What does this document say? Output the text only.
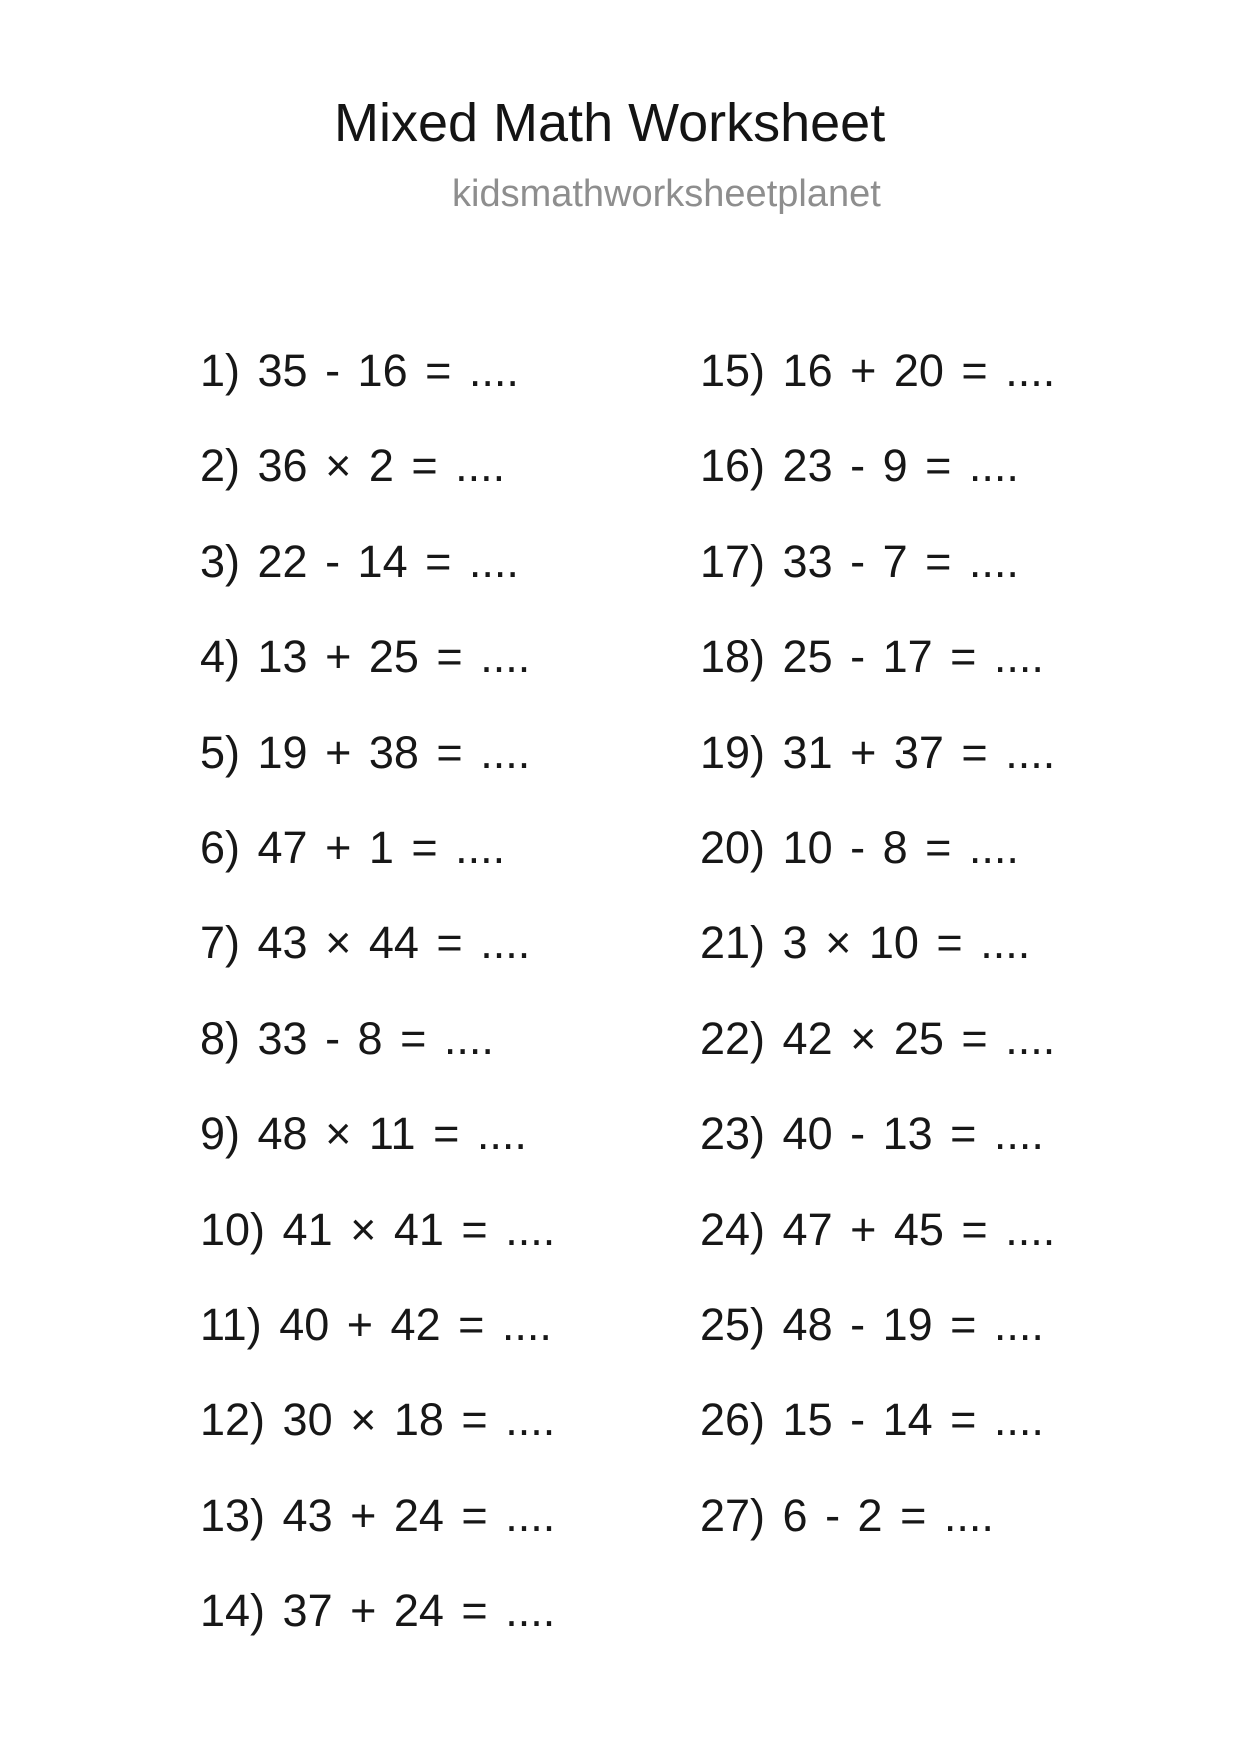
Mixed Math Worksheet
kidsmathworksheetplanet
1) 35 - 16 = ....
2) 36 × 2 = ....
3) 22 - 14 = ....
4) 13 + 25 = ....
5) 19 + 38 = ....
6) 47 + 1 = ....
7) 43 × 44 = ....
8) 33 - 8 = ....
9) 48 × 11 = ....
10) 41 × 41 = ....
11) 40 + 42 = ....
12) 30 × 18 = ....
13) 43 + 24 = ....
14) 37 + 24 = ....
15) 16 + 20 = ....
16) 23 - 9 = ....
17) 33 - 7 = ....
18) 25 - 17 = ....
19) 31 + 37 = ....
20) 10 - 8 = ....
21) 3 × 10 = ....
22) 42 × 25 = ....
23) 40 - 13 = ....
24) 47 + 45 = ....
25) 48 - 19 = ....
26) 15 - 14 = ....
27) 6 - 2 = ....
